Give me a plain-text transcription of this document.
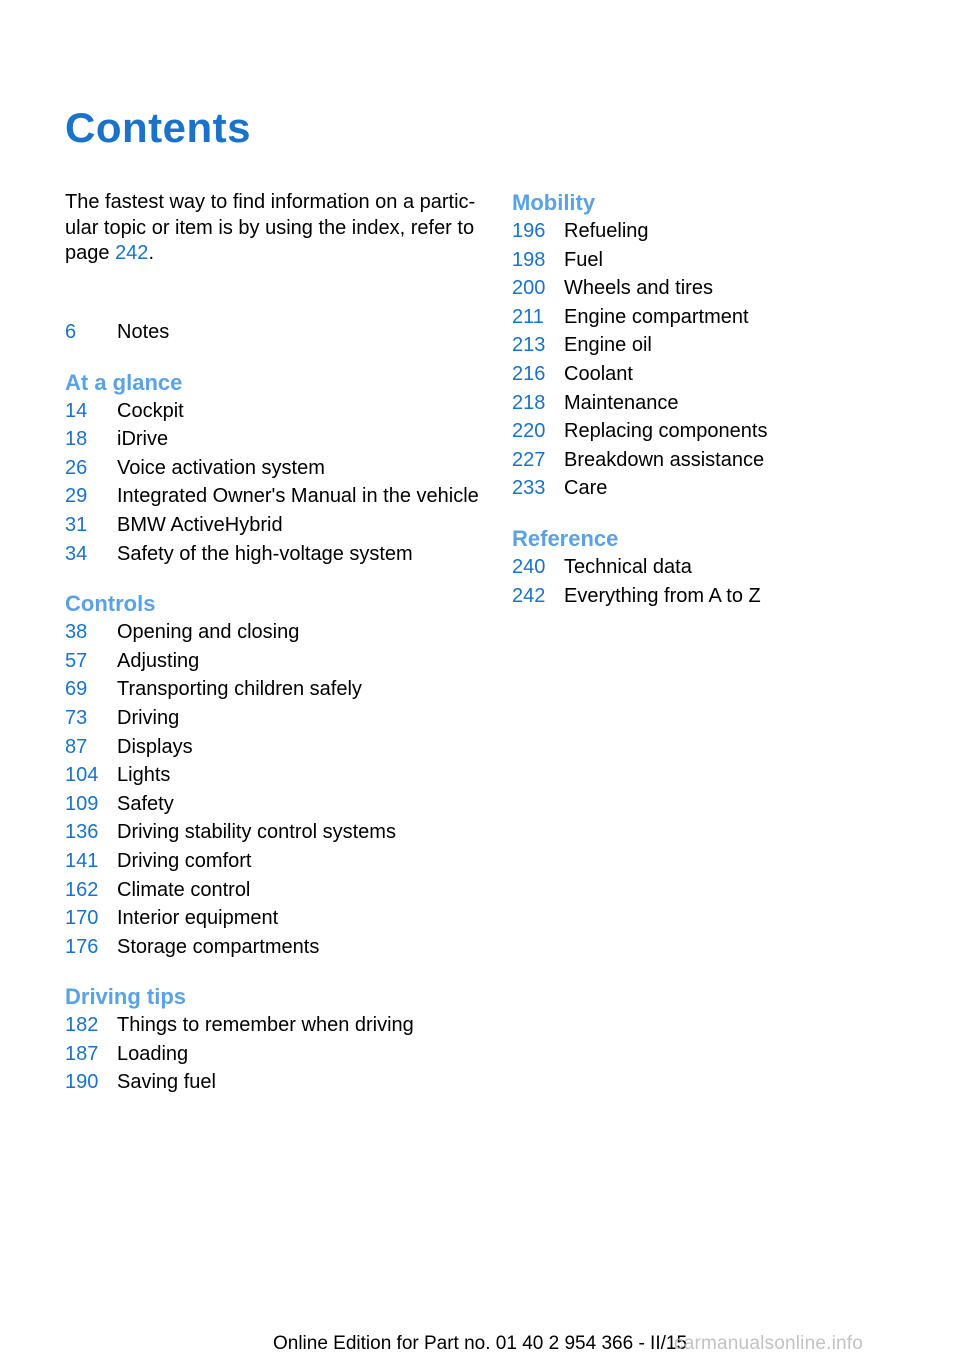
Contents
The fastest way to find information on a partic‐ ular topic or item is by using the index, refer to page 242.
6	Notes
At a glance
14	Cockpit
18	iDrive
26	Voice activation system
29	Integrated Owner's Manual in the vehicle
31	BMW ActiveHybrid
34	Safety of the high-voltage system
Controls
38	Opening and closing
57	Adjusting
69	Transporting children safely
73	Driving
87	Displays
104 Lights
109 Safety
136 Driving stability control systems
141 Driving comfort
162 Climate control
170 Interior equipment
176 Storage compartments
Driving tips
182 Things to remember when driving
187 Loading
190 Saving fuel
Mobility
196 Refueling
198 Fuel
200 Wheels and tires
211	Engine compartment
213 Engine oil
216 Coolant
218 Maintenance
220 Replacing components
227 Breakdown assistance
233 Care
Reference
240 Technical data
242 Everything from A to Z
Online Edition for Part no. 01 40 2 954 366 - II/15
carmanualsonline.info
